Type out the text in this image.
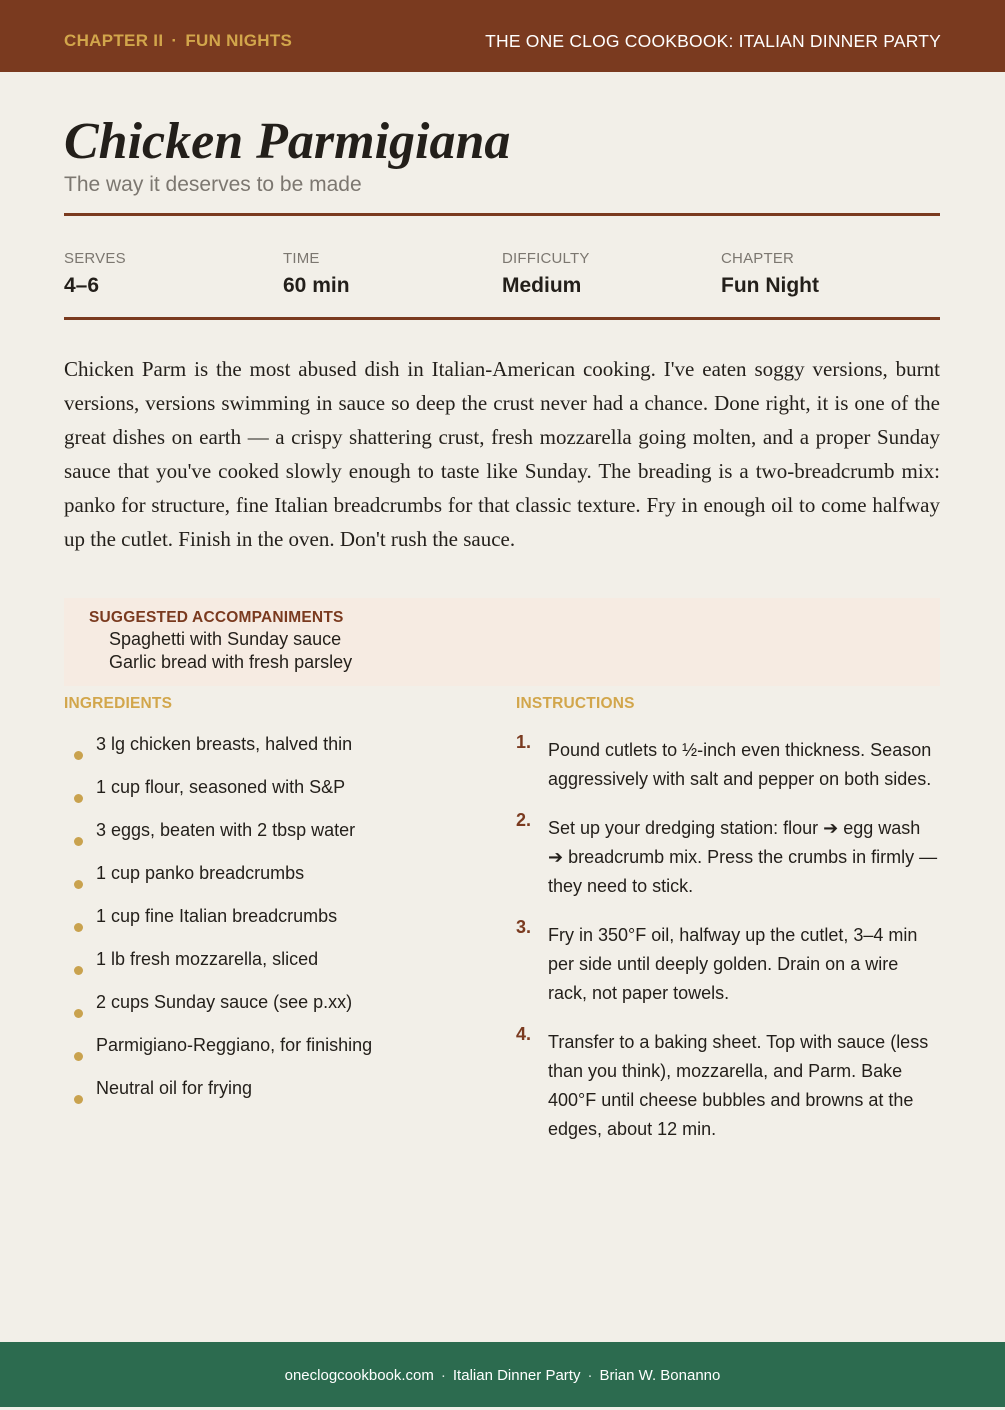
CHAPTER II · FUN NIGHTS	THE ONE CLOG COOKBOOK: ITALIAN DINNER PARTY
Chicken Parmigiana
The way it deserves to be made
SERVES
4–6
TIME
60 min
DIFFICULTY
Medium
CHAPTER
Fun Night

Chicken Parm is the most abused dish in Italian-American cooking. I've eaten soggy versions, burnt versions, versions swimming in sauce so deep the crust never had a chance. Done right, it is one of the great dishes on earth — a crispy shattering crust, fresh mozzarella going molten, and a proper Sunday sauce that you've cooked slowly enough to taste like Sunday. The breading is a two-breadcrumb mix: panko for structure, fine Italian breadcrumbs for that classic texture. Fry in enough oil to come halfway up the cutlet. Finish in the oven. Don't rush the sauce.

SUGGESTED ACCOMPANIMENTS
Spaghetti with Sunday sauce
Garlic bread with fresh parsley
INGREDIENTS	INSTRUCTIONS
3 lg chicken breasts, halved thin
1 cup flour, seasoned with S&P
3 eggs, beaten with 2 tbsp water
1 cup panko breadcrumbs
1 cup fine Italian breadcrumbs
1 lb fresh mozzarella, sliced
2 cups Sunday sauce (see p.xx)
Parmigiano-Reggiano, for finishing
Neutral oil for frying
1. Pound cutlets to ½-inch even thickness. Season aggressively with salt and pepper on both sides.
2. Set up your dredging station: flour ➔ egg wash ➔ breadcrumb mix. Press the crumbs in firmly — they need to stick.
3. Fry in 350°F oil, halfway up the cutlet, 3–4 min per side until deeply golden. Drain on a wire rack, not paper towels.
4. Transfer to a baking sheet. Top with sauce (less than you think), mozzarella, and Parm. Bake 400°F until cheese bubbles and browns at the edges, about 12 min.
oneclogcookbook.com · Italian Dinner Party · Brian W. Bonanno
